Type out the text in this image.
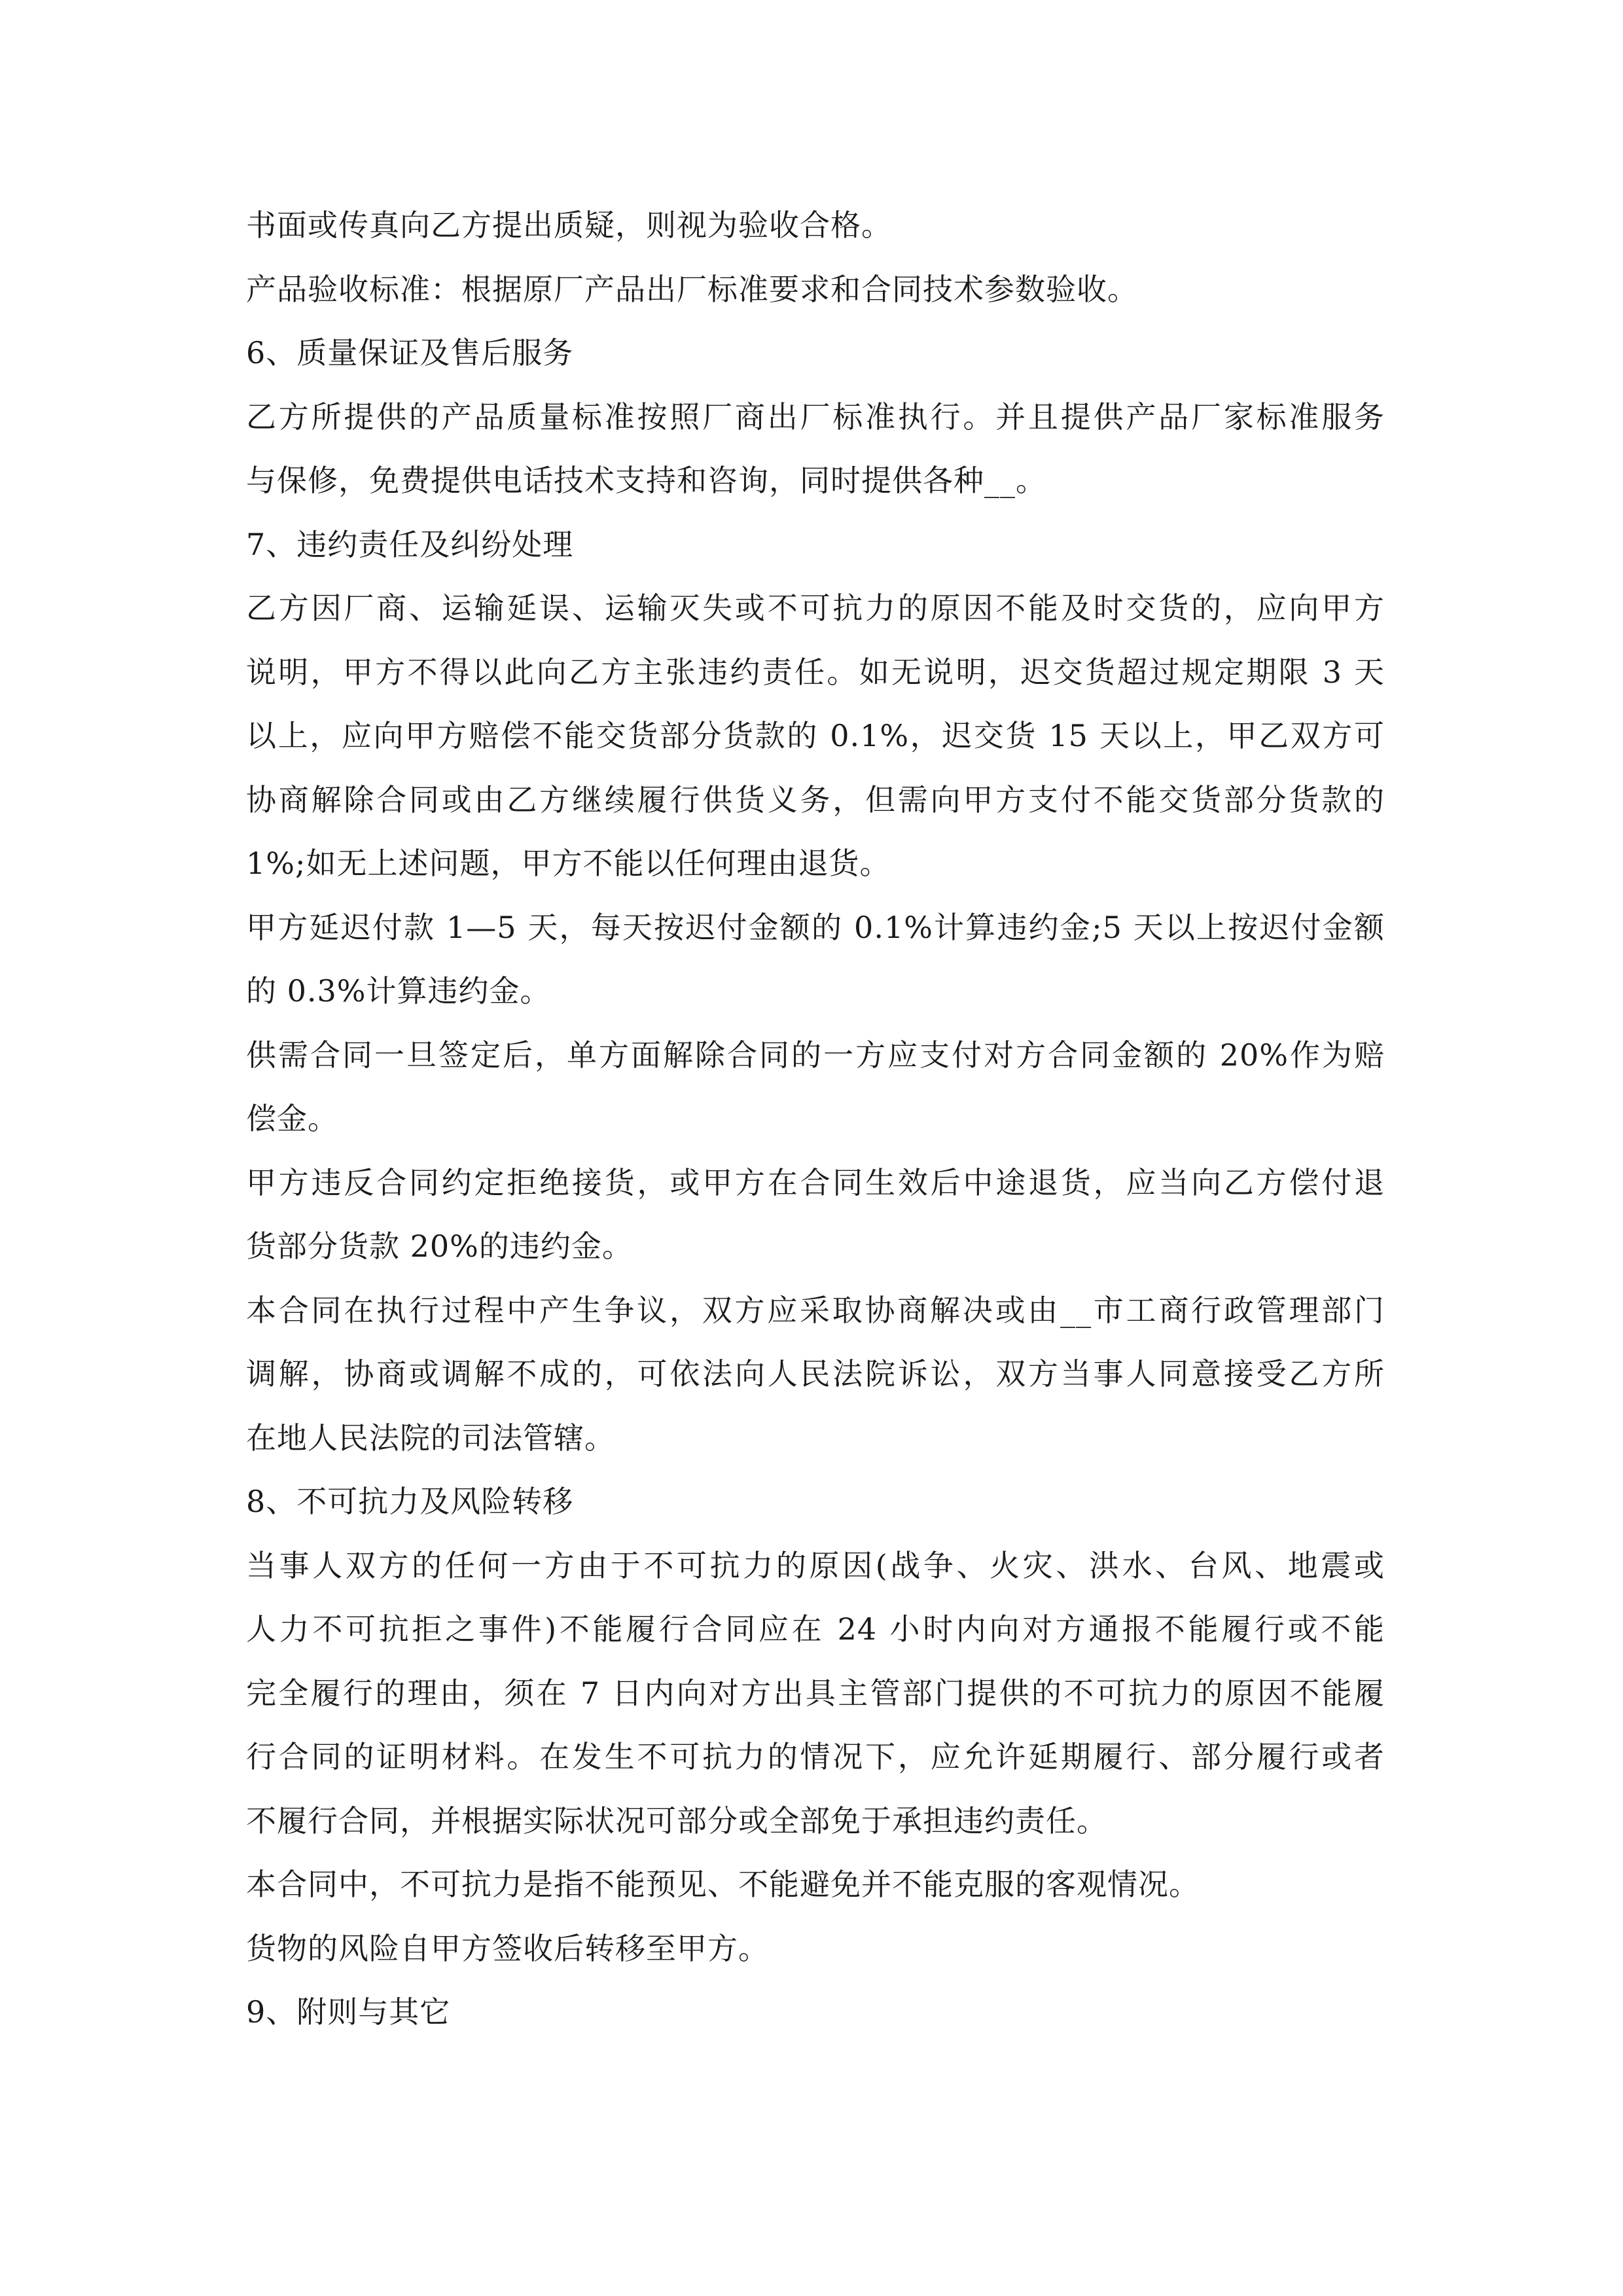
书面或传真向乙方提出质疑，则视为验收合格。
产品验收标准：根据原厂产品出厂标准要求和合同技术参数验收。
6、质量保证及售后服务
乙方所提供的产品质量标准按照厂商出厂标准执行。并且提供产品厂家标准服务
与保修，免费提供电话技术支持和咨询，同时提供各种__。
7、违约责任及纠纷处理
乙方因厂商、运输延误、运输灭失或不可抗力的原因不能及时交货的，应向甲方
说明，甲方不得以此向乙方主张违约责任。如无说明，迟交货超过规定期限 3 天
以上，应向甲方赔偿不能交货部分货款的 0.1%，迟交货 15 天以上，甲乙双方可
协商解除合同或由乙方继续履行供货义务，但需向甲方支付不能交货部分货款的
1%;如无上述问题，甲方不能以任何理由退货。
甲方延迟付款 1—5 天，每天按迟付金额的 0.1%计算违约金;5 天以上按迟付金额
的 0.3%计算违约金。
供需合同一旦签定后，单方面解除合同的一方应支付对方合同金额的 20%作为赔
偿金。
甲方违反合同约定拒绝接货，或甲方在合同生效后中途退货，应当向乙方偿付退
货部分货款 20%的违约金。
本合同在执行过程中产生争议，双方应采取协商解决或由__市工商行政管理部门
调解，协商或调解不成的，可依法向人民法院诉讼，双方当事人同意接受乙方所
在地人民法院的司法管辖。
8、不可抗力及风险转移
当事人双方的任何一方由于不可抗力的原因(战争、火灾、洪水、台风、地震或
人力不可抗拒之事件)不能履行合同应在 24 小时内向对方通报不能履行或不能
完全履行的理由，须在 7 日内向对方出具主管部门提供的不可抗力的原因不能履
行合同的证明材料。在发生不可抗力的情况下，应允许延期履行、部分履行或者
不履行合同，并根据实际状况可部分或全部免于承担违约责任。
本合同中，不可抗力是指不能预见、不能避免并不能克服的客观情况。
货物的风险自甲方签收后转移至甲方。
9、附则与其它
